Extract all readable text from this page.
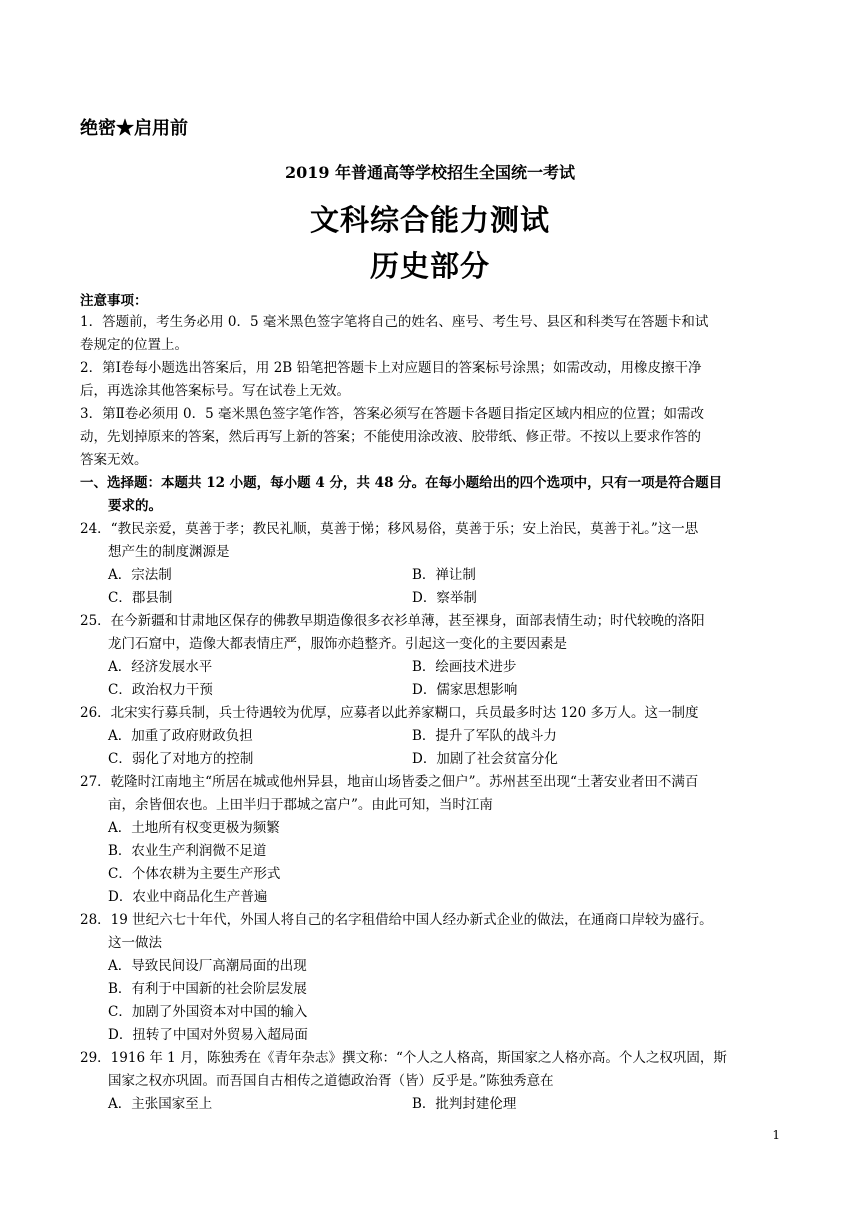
绝密★启用前
2019 年普通高等学校招生全国统一考试
文科综合能力测试
历史部分
注意事项：
1．答题前，考生务必用 0．5 毫米黑色签字笔将自己的姓名、座号、考生号、县区和科类写在答题卡和试
卷规定的位置上。
2．第Ⅰ卷每小题选出答案后，用 2B 铅笔把答题卡上对应题目的答案标号涂黑；如需改动，用橡皮擦干净
后，再选涂其他答案标号。写在试卷上无效。
3．第Ⅱ卷必须用 0．5 毫米黑色签字笔作答，答案必须写在答题卡各题目指定区域内相应的位置；如需改
动，先划掉原来的答案，然后再写上新的答案；不能使用涂改液、胶带纸、修正带。不按以上要求作答的
答案无效。
一、选择题：本题共 12 小题，每小题 4 分，共 48 分。在每小题给出的四个选项中，只有一项是符合题目
要求的。
24．“教民亲爱，莫善于孝；教民礼顺，莫善于悌；移风易俗，莫善于乐；安上治民，莫善于礼。”这一思
想产生的制度渊源是
A．宗法制	B．禅让制
C．郡县制	D．察举制
25．在今新疆和甘肃地区保存的佛教早期造像很多衣衫单薄，甚至裸身，面部表情生动；时代较晚的洛阳
龙门石窟中，造像大都表情庄严，服饰亦趋整齐。引起这一变化的主要因素是
A．经济发展水平	B．绘画技术进步
C．政治权力干预	D．儒家思想影响
26．北宋实行募兵制，兵士待遇较为优厚，应募者以此养家糊口，兵员最多时达 120 多万人。这一制度
A．加重了政府财政负担	B．提升了军队的战斗力
C．弱化了对地方的控制	D．加剧了社会贫富分化
27．乾隆时江南地主“所居在城或他州异县，地亩山场皆委之佃户”。苏州甚至出现“土著安业者田不满百
亩，余皆佃农也。上田半归于郡城之富户”。由此可知，当时江南
A．土地所有权变更极为频繁
B．农业生产利润微不足道
C．个体农耕为主要生产形式
D．农业中商品化生产普遍
28．19 世纪六七十年代，外国人将自己的名字租借给中国人经办新式企业的做法，在通商口岸较为盛行。
这一做法
A．导致民间设厂高潮局面的出现
B．有利于中国新的社会阶层发展
C．加剧了外国资本对中国的输入
D．扭转了中国对外贸易入超局面
29．1916 年 1 月，陈独秀在《青年杂志》撰文称：“个人之人格高，斯国家之人格亦高。个人之权巩固，斯
国家之权亦巩固。而吾国自古相传之道德政治胥（皆）反乎是。”陈独秀意在
A．主张国家至上	B．批判封建伦理
1
